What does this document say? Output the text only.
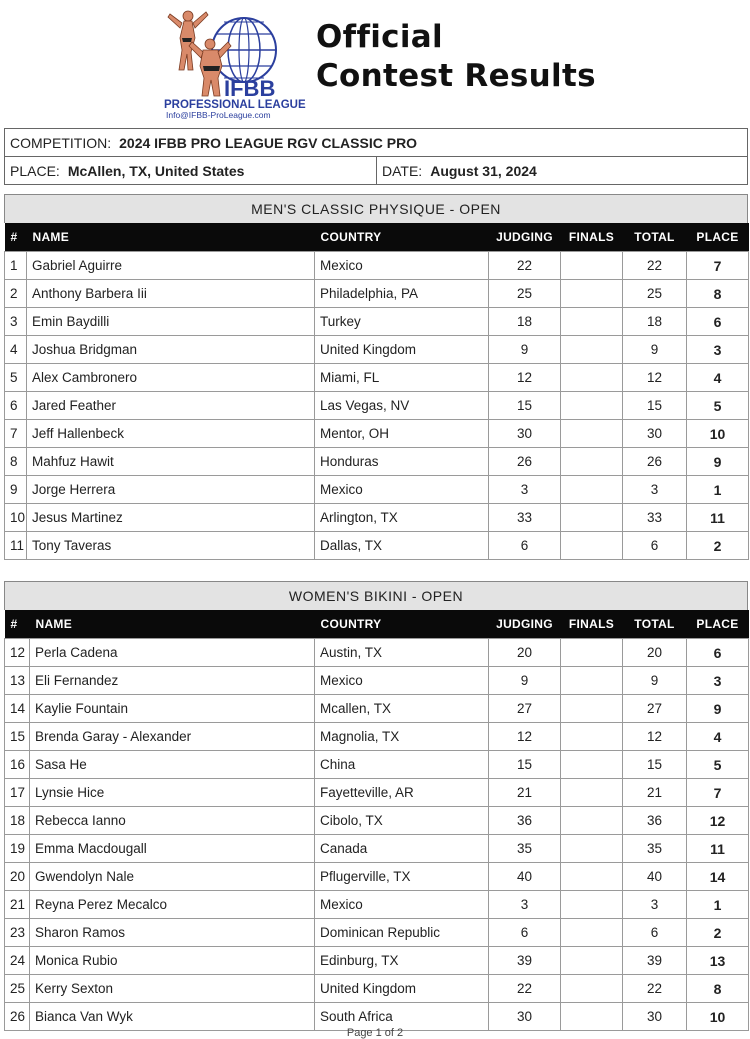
IFBB
PROFESSIONAL LEAGUE
Info@IFBB-ProLeague.com
Official
Contest Results
COMPETITION: 2024 IFBB PRO LEAGUE RGV CLASSIC PRO
PLACE: McAllen, TX, United States	DATE: August 31, 2024
MEN'S CLASSIC PHYSIQUE - OPEN
#	NAME	COUNTRY	JUDGING	FINALS	TOTAL	PLACE
1	Gabriel Aguirre	Mexico	22		22	7
2	Anthony Barbera Iii	Philadelphia, PA	25		25	8
3	Emin Baydilli	Turkey	18		18	6
4	Joshua Bridgman	United Kingdom	9		9	3
5	Alex Cambronero	Miami, FL	12		12	4
6	Jared Feather	Las Vegas, NV	15		15	5
7	Jeff Hallenbeck	Mentor, OH	30		30	10
8	Mahfuz Hawit	Honduras	26		26	9
9	Jorge Herrera	Mexico	3		3	1
10	Jesus Martinez	Arlington, TX	33		33	11
11	Tony Taveras	Dallas, TX	6		6	2
WOMEN'S BIKINI - OPEN
#	NAME	COUNTRY	JUDGING	FINALS	TOTAL	PLACE
12	Perla Cadena	Austin, TX	20		20	6
13	Eli Fernandez	Mexico	9		9	3
14	Kaylie Fountain	Mcallen, TX	27		27	9
15	Brenda Garay - Alexander	Magnolia, TX	12		12	4
16	Sasa He	China	15		15	5
17	Lynsie Hice	Fayetteville, AR	21		21	7
18	Rebecca Ianno	Cibolo, TX	36		36	12
19	Emma Macdougall	Canada	35		35	11
20	Gwendolyn Nale	Pflugerville, TX	40		40	14
21	Reyna Perez Mecalco	Mexico	3		3	1
23	Sharon Ramos	Dominican Republic	6		6	2
24	Monica Rubio	Edinburg, TX	39		39	13
25	Kerry Sexton	United Kingdom	22		22	8
26	Bianca Van Wyk	South Africa	30		30	10
Page 1 of 2
